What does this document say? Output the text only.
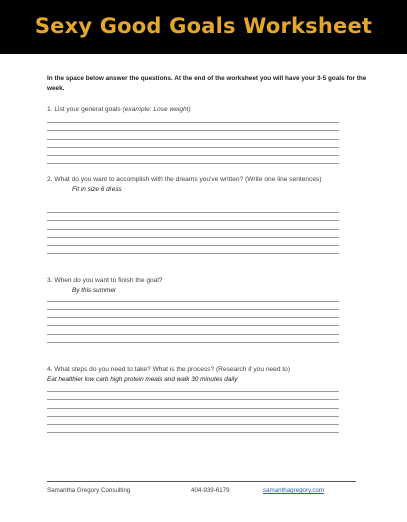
Sexy Good Goals Worksheet
In the space below answer the questions. At the end of the worksheet you will have your 3-5 goals for the week.
1. List your general goals (example: Lose weight)
2. What do you want to accomplish with the dreams you've written? (Write one line sentences)
Fit in size 6 dress
3. When do you want to finish the goal?
By this summer
4. What steps do you need to take? What is the process? (Research if you need to)
Eat healthier low carb high protein meals and walk 30 minutes daily
Samantha Gregory Consulting	404-939-6179	samanthagregory.com
